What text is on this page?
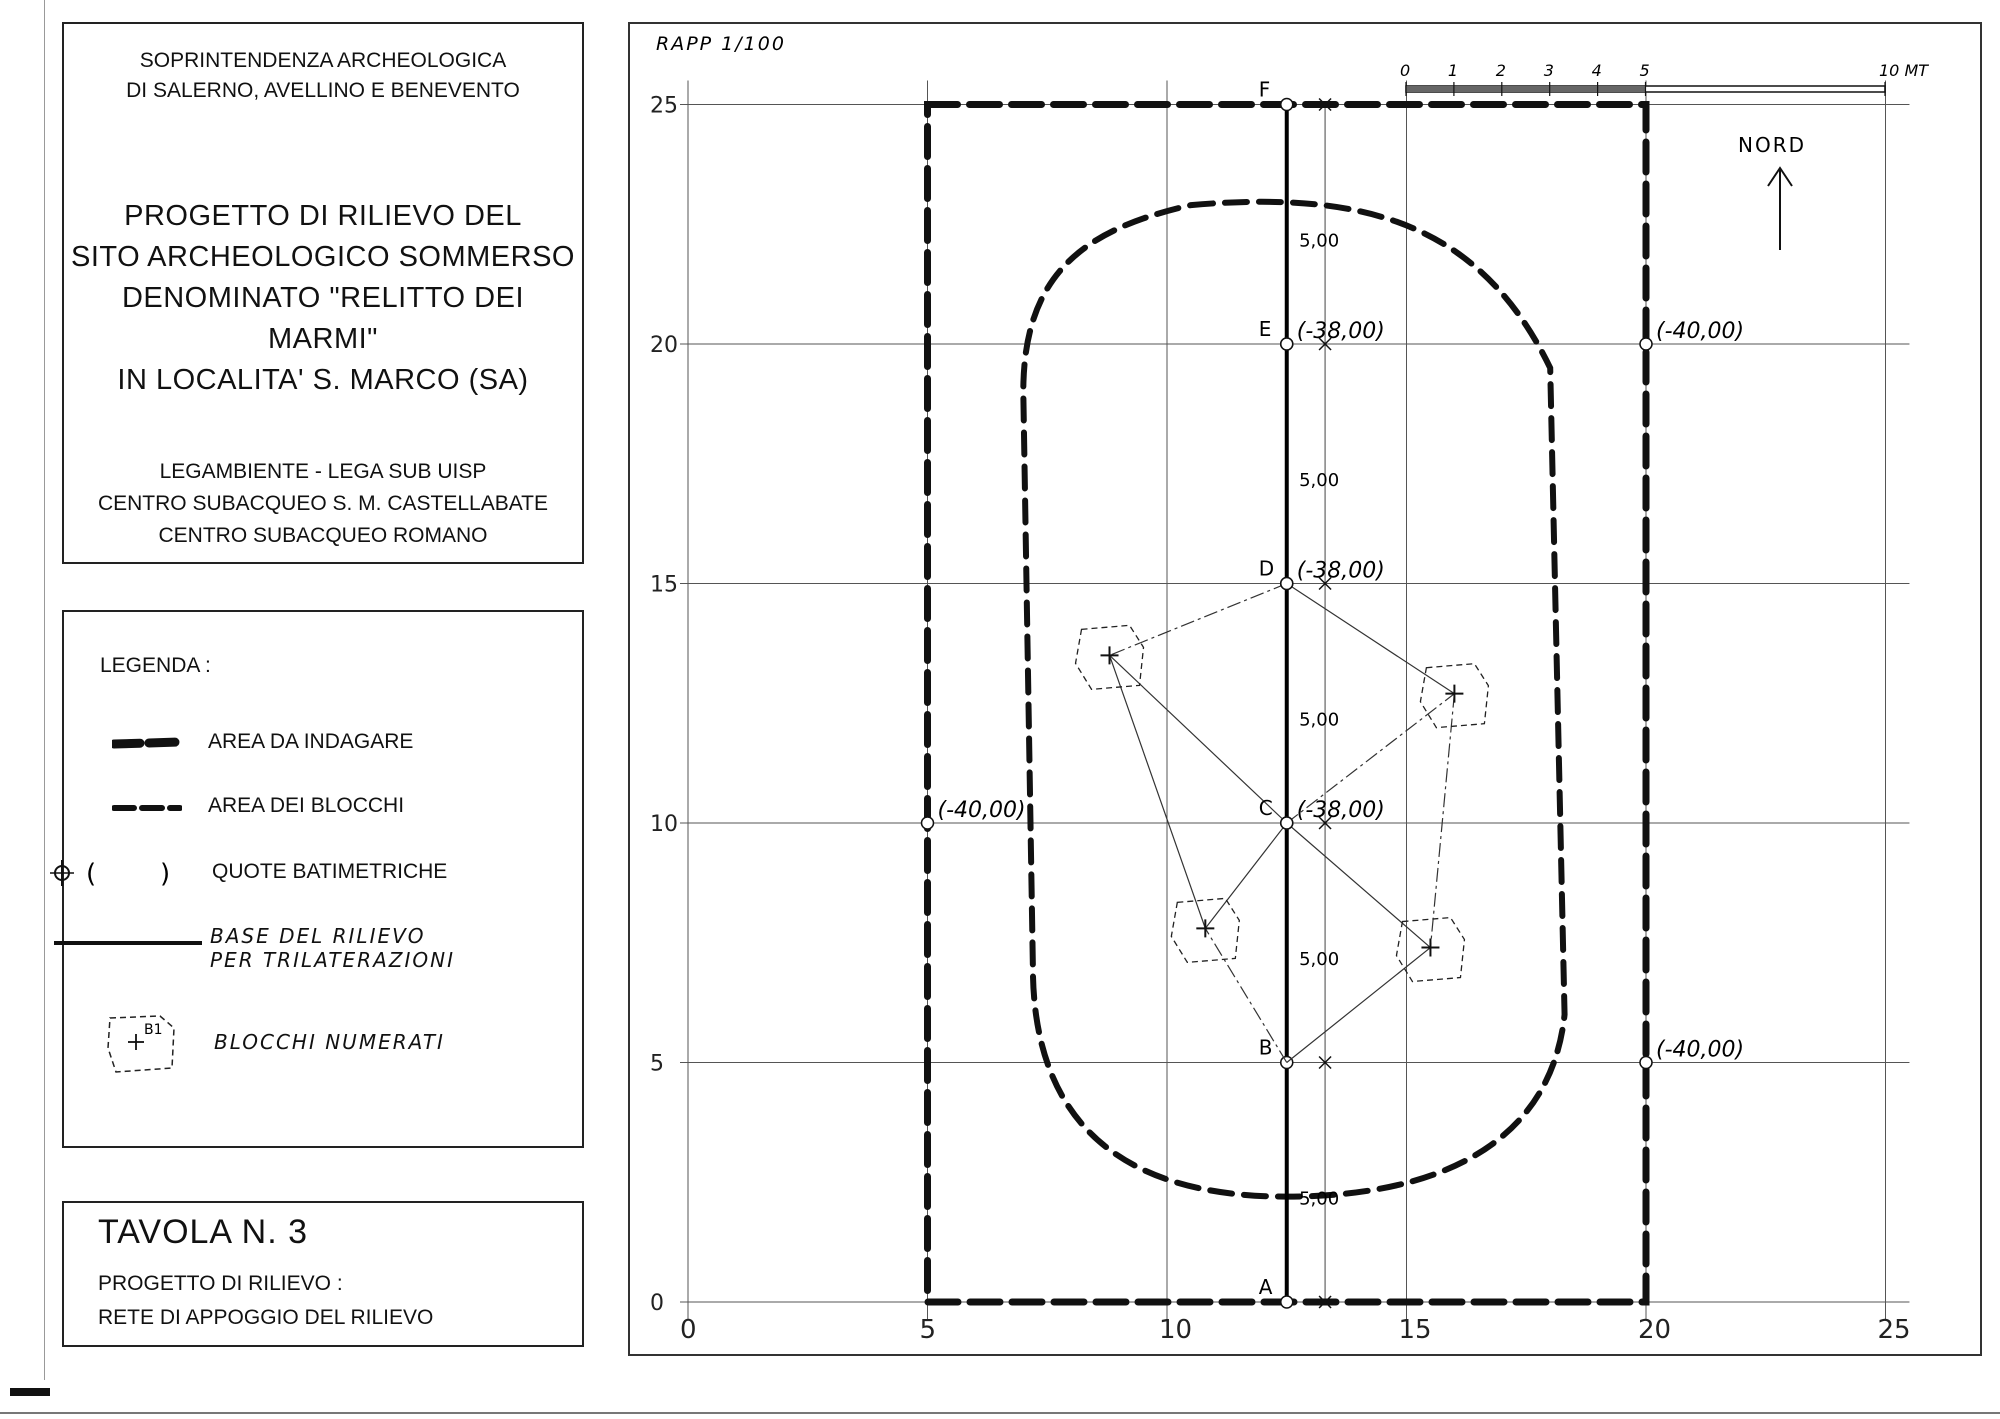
SOPRINTENDENZA ARCHEOLOGICA
DI SALERNO, AVELLINO E BENEVENTO
PROGETTO DI RILIEVO DEL
SITO ARCHEOLOGICO SOMMERSO
DENOMINATO "RELITTO DEI MARMI"
IN LOCALITA' S. MARCO (SA)
LEGAMBIENTE - LEGA SUB UISP
CENTRO SUBACQUEO S. M. CASTELLABATE
CENTRO SUBACQUEO ROMANO
LEGENDA :
AREA DA INDAGARE
AREA DEI BLOCCHI
( ) QUOTE BATIMETRICHE
BASE DEL RILIEVO
PER TRILATERAZIONI
B1	BLOCCHI NUMERATI
TAVOLA N. 3
PROGETTO DI RILIEVO :
RETE DI APPOGGIO DEL RILIEVO	0	5	10	15	20	25
0
5
10
15
20
25
A
B
C
D
E
F
5,00
5,00
5,00
5,00
5,00
(-38,00)
(-38,00)
(-38,00)
(-40,00)
(-40,00)
(-40,00)
RAPP 1/100
0 1 2 3 4 5	10 MT
NORD
